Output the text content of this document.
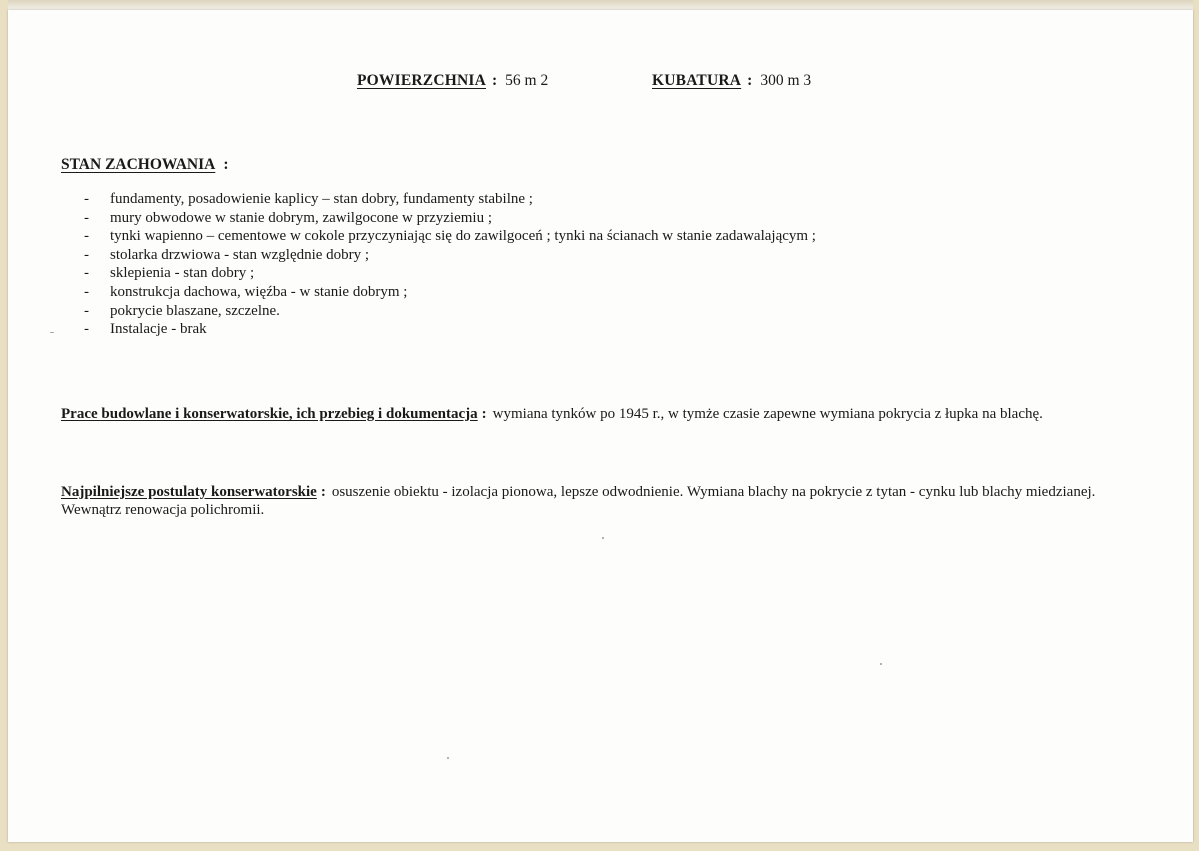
POWIERZCHNIA : 56 m 2	KUBATURA : 300 m 3
STAN ZACHOWANIA :
- fundamenty, posadowienie kaplicy – stan dobry, fundamenty stabilne ;
- mury obwodowe w stanie dobrym, zawilgocone w przyziemiu ;
- tynki wapienno – cementowe w cokole przyczyniając się do zawilgoceń ; tynki na ścianach w stanie zadawalającym ;
- stolarka drzwiowa - stan względnie dobry ;
- sklepienia - stan dobry ;
- konstrukcja dachowa, więźba - w stanie dobrym ;
- pokrycie blaszane, szczelne.
- Instalacje - brak
Prace budowlane i konserwatorskie, ich przebieg i dokumentacja : wymiana tynków po 1945 r., w tymże czasie zapewne wymiana pokrycia z łupka na blachę.
Najpilniejsze postulaty konserwatorskie : osuszenie obiektu - izolacja pionowa, lepsze odwodnienie. Wymiana blachy na pokrycie z tytan - cynku lub blachy miedzianej. Wewnątrz renowacja polichromii.
